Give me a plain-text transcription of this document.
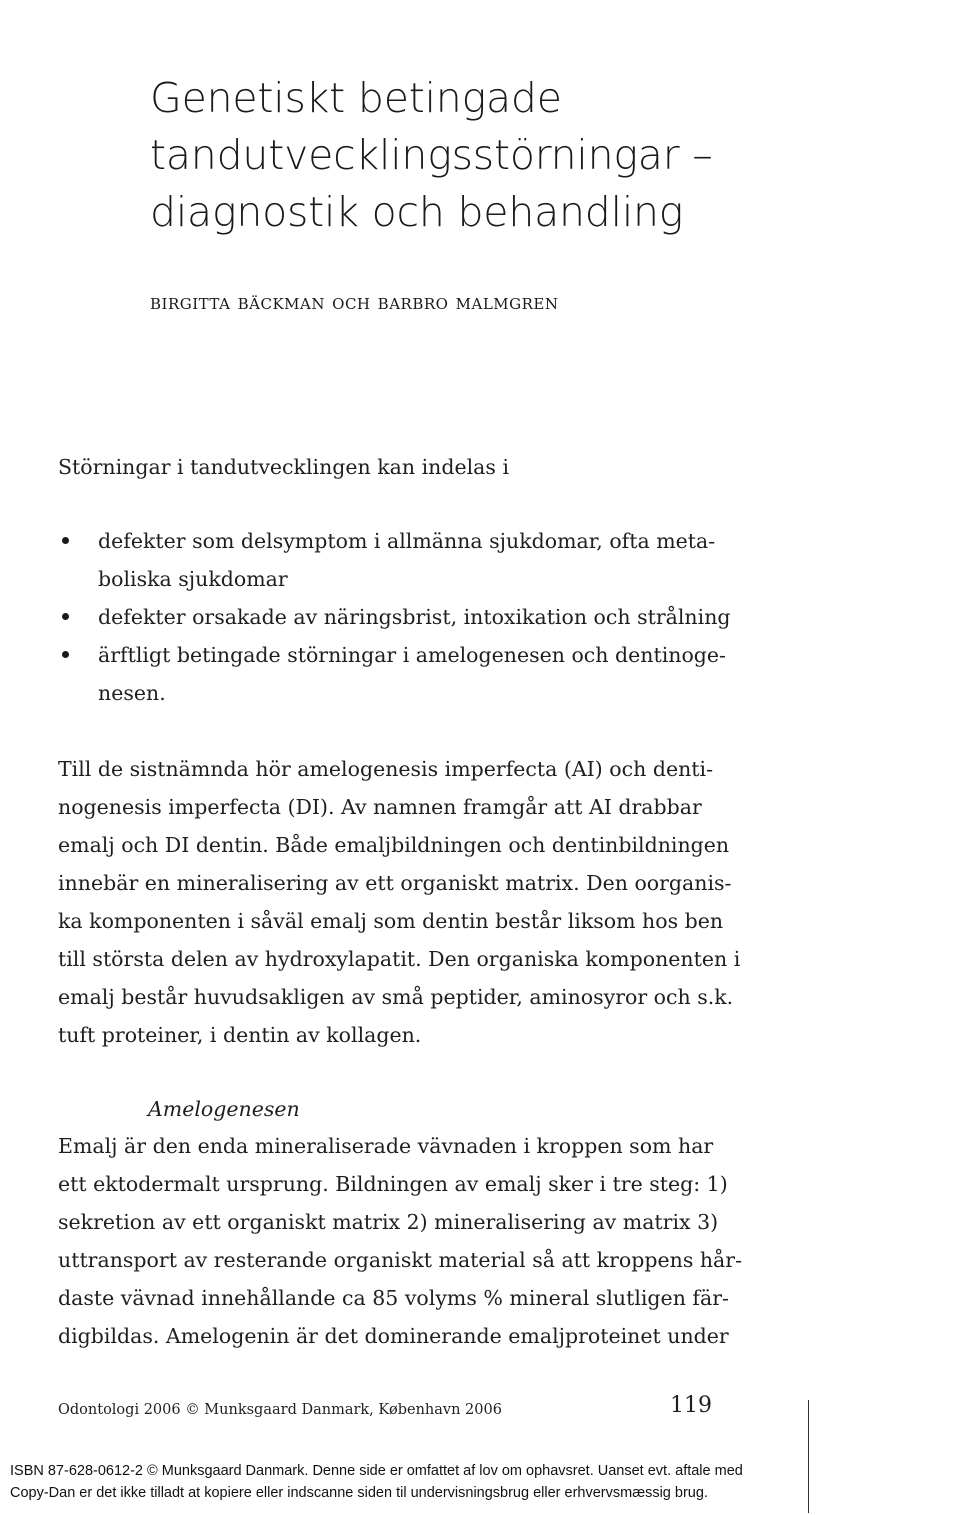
Genetiskt betingade
tandutvecklingsstörningar –
diagnostik och behandling
birgitta bäckman och barbro malmgren
Störningar i tandutvecklingen kan indelas i
defekter som delsymptom i allmänna sjukdomar, ofta meta-
boliska sjukdomar
defekter orsakade av näringsbrist, intoxikation och strålning
ärftligt betingade störningar i amelogenesen och dentinoge-
nesen.
Till de sistnämnda hör amelogenesis imperfecta (AI) och denti-
nogenesis imperfecta (DI). Av namnen framgår att AI drabbar
emalj och DI dentin. Både emaljbildningen och dentinbildningen
innebär en mineralisering av ett organiskt matrix. Den oorganis-
ka komponenten i såväl emalj som dentin består liksom hos ben
till största delen av hydroxylapatit. Den organiska komponenten i
emalj består huvudsakligen av små peptider, aminosyror och s.k.
tuft proteiner, i dentin av kollagen.
Amelogenesen
Emalj är den enda mineraliserade vävnaden i kroppen som har
ett ektodermalt ursprung. Bildningen av emalj sker i tre steg: 1)
sekretion av ett organiskt matrix 2) mineralisering av matrix 3)
uttransport av resterande organiskt material så att kroppens hår-
daste vävnad innehållande ca 85 volyms % mineral slutligen fär-
digbildas. Amelogenin är det dominerande emaljproteinet under
Odontologi 2006 © Munksgaard Danmark, København 2006	119
ISBN 87-628-0612-2 © Munksgaard Danmark. Denne side er omfattet af lov om ophavsret. Uanset evt. aftale med
Copy-Dan er det ikke tilladt at kopiere eller indscanne siden til undervisningsbrug eller erhvervsmæssig brug.
